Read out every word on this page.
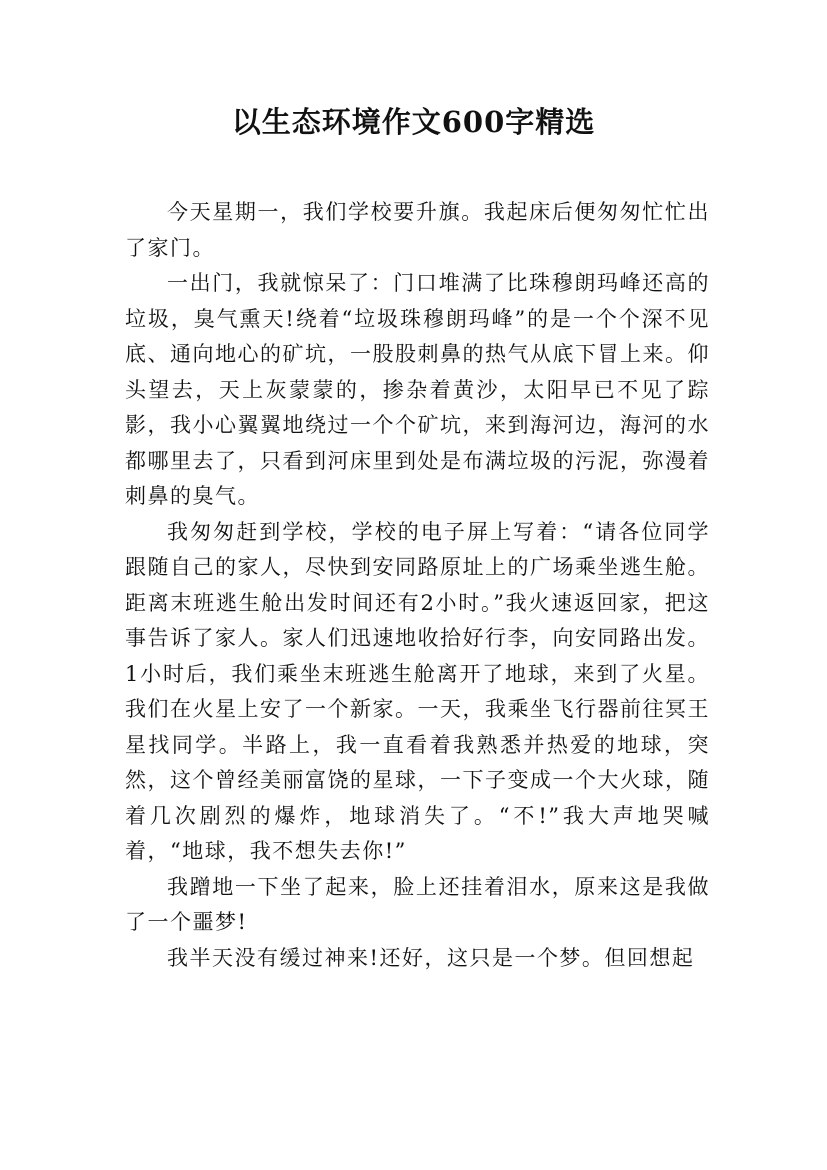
以生态环境作文600字精选

今天星期一，我们学校要升旗。我起床后便匆匆忙忙出了家门。

一出门，我就惊呆了：门口堆满了比珠穆朗玛峰还高的垃圾，臭气熏天!绕着“垃圾珠穆朗玛峰”的是一个个深不见底、通向地心的矿坑，一股股刺鼻的热气从底下冒上来。仰头望去，天上灰蒙蒙的，掺杂着黄沙，太阳早已不见了踪影，我小心翼翼地绕过一个个矿坑，来到海河边，海河的水都哪里去了，只看到河床里到处是布满垃圾的污泥，弥漫着刺鼻的臭气。

我匆匆赶到学校，学校的电子屏上写着：“请各位同学跟随自己的家人，尽快到安同路原址上的广场乘坐逃生舱。距离末班逃生舱出发时间还有2小时。”我火速返回家，把这事告诉了家人。家人们迅速地收拾好行李，向安同路出发。1小时后，我们乘坐末班逃生舱离开了地球，来到了火星。我们在火星上安了一个新家。一天，我乘坐飞行器前往冥王星找同学。半路上，我一直看着我熟悉并热爱的地球，突然，这个曾经美丽富饶的星球，一下子变成一个大火球，随着几次剧烈的爆炸，地球消失了。“不!”我大声地哭喊着，“地球，我不想失去你!”

我蹭地一下坐了起来，脸上还挂着泪水，原来这是我做了一个噩梦!

我半天没有缓过神来!还好，这只是一个梦。但回想起
